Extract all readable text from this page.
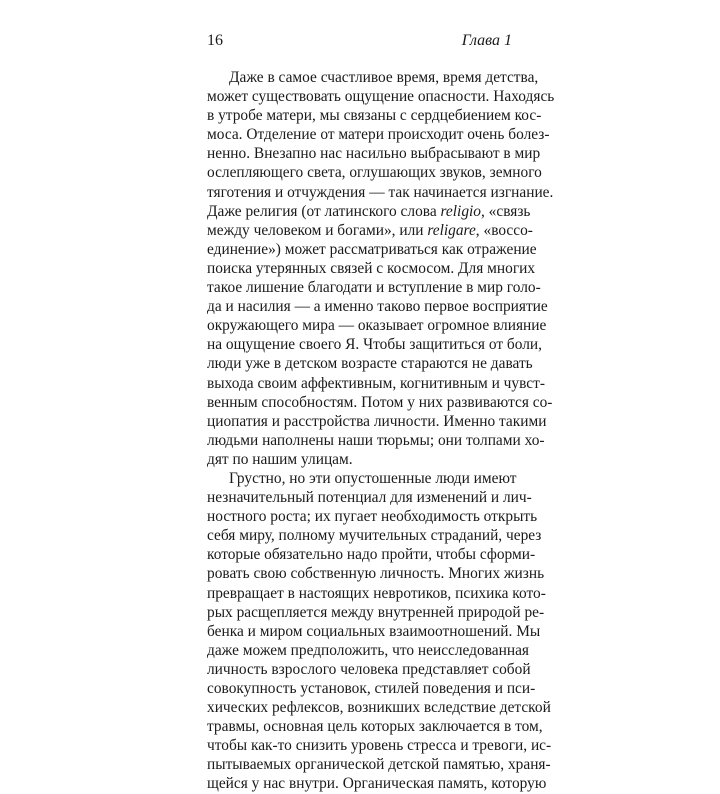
16	Глава 1
Даже в самое счастливое время, время детства,
может существовать ощущение опасности. Находясь
в утробе матери, мы связаны с сердцебиением кос-
моса. Отделение от матери происходит очень болез-
ненно. Внезапно нас насильно выбрасывают в мир
ослепляющего света, оглушающих звуков, земного
тяготения и отчуждения — так начинается изгнание.
Даже религия (от латинского слова religio, «связь
между человеком и богами», или religare, «воссо-
единение») может рассматриваться как отражение
поиска утерянных связей с космосом. Для многих
такое лишение благодати и вступление в мир голо-
да и насилия — а именно таково первое восприятие
окружающего мира — оказывает огромное влияние
на ощущение своего Я. Чтобы защититься от боли,
люди уже в детском возрасте стараются не давать
выхода своим аффективным, когнитивным и чувст-
венным способностям. Потом у них развиваются со-
циопатия и расстройства личности. Именно такими
людьми наполнены наши тюрьмы; они толпами хо-
дят по нашим улицам.
Грустно, но эти опустошенные люди имеют
незначительный потенциал для изменений и лич-
ностного роста; их пугает необходимость открыть
себя миру, полному мучительных страданий, через
которые обязательно надо пройти, чтобы сформи-
ровать свою собственную личность. Многих жизнь
превращает в настоящих невротиков, психика кото-
рых расщепляется между внутренней природой ре-
бенка и миром социальных взаимоотношений. Мы
даже можем предположить, что неисследованная
личность взрослого человека представляет собой
совокупность установок, стилей поведения и пси-
хических рефлексов, возникших вследствие детской
травмы, основная цель которых заключается в том,
чтобы как-то снизить уровень стресса и тревоги, ис-
пытываемых органической детской памятью, храня-
щейся у нас внутри. Органическая память, которую
